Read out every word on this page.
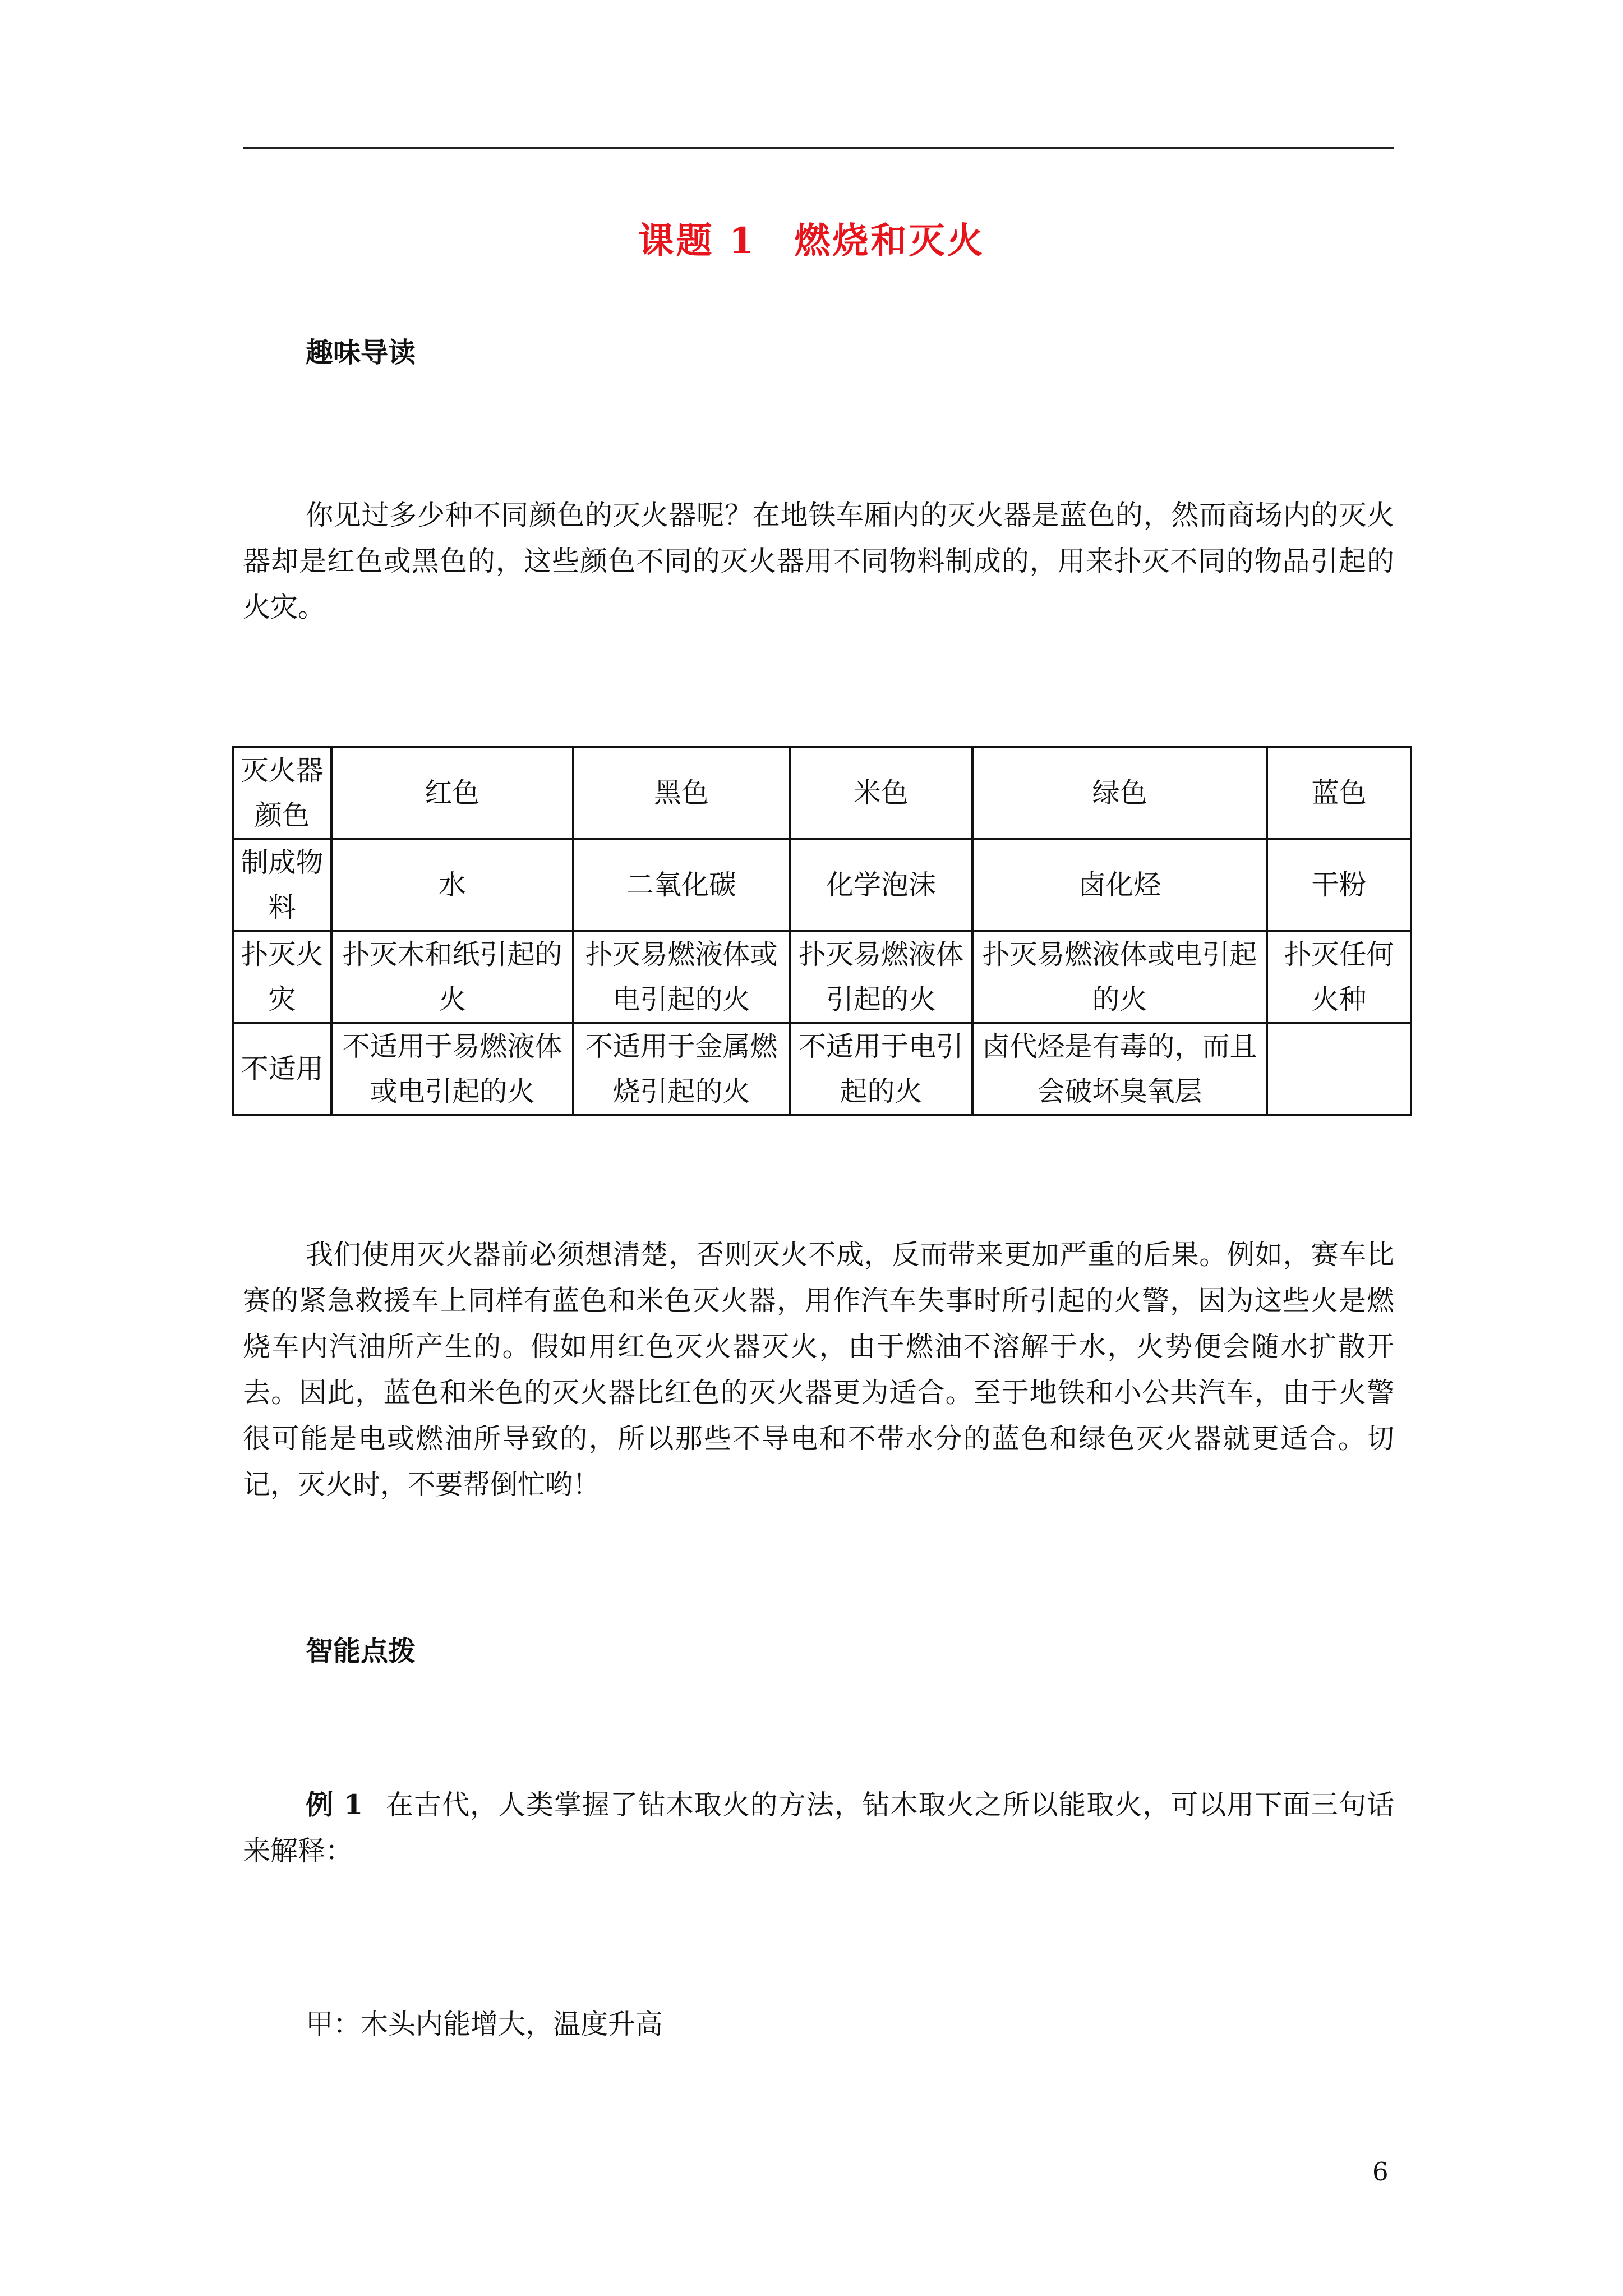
课题 1　燃烧和灭火
趣味导读
你见过多少种不同颜色的灭火器呢？在地铁车厢内的灭火器是蓝色的，然而商场内的灭火器却是红色或黑色的，这些颜色不同的灭火器用不同物料制成的，用来扑灭不同的物品引起的火灾。
灭火器颜色	红色	黑色	米色	绿色	蓝色
制成物料	水	二氧化碳	化学泡沫	卤化烃	干粉
扑灭火灾	扑灭木和纸引起的火	扑灭易燃液体或电引起的火	扑灭易燃液体引起的火	扑灭易燃液体或电引起的火	扑灭任何火种
不适用	不适用于易燃液体或电引起的火	不适用于金属燃烧引起的火	不适用于电引起的火	卤代烃是有毒的，而且会破坏臭氧层	
我们使用灭火器前必须想清楚，否则灭火不成，反而带来更加严重的后果。例如，赛车比赛的紧急救援车上同样有蓝色和米色灭火器，用作汽车失事时所引起的火警，因为这些火是燃烧车内汽油所产生的。假如用红色灭火器灭火，由于燃油不溶解于水，火势便会随水扩散开去。因此，蓝色和米色的灭火器比红色的灭火器更为适合。至于地铁和小公共汽车，由于火警很可能是电或燃油所导致的，所以那些不导电和不带水分的蓝色和绿色灭火器就更适合。切记，灭火时，不要帮倒忙哟！
智能点拨
例 1 在古代，人类掌握了钻木取火的方法，钻木取火之所以能取火，可以用下面三句话来解释：
甲：木头内能增大，温度升高
6
